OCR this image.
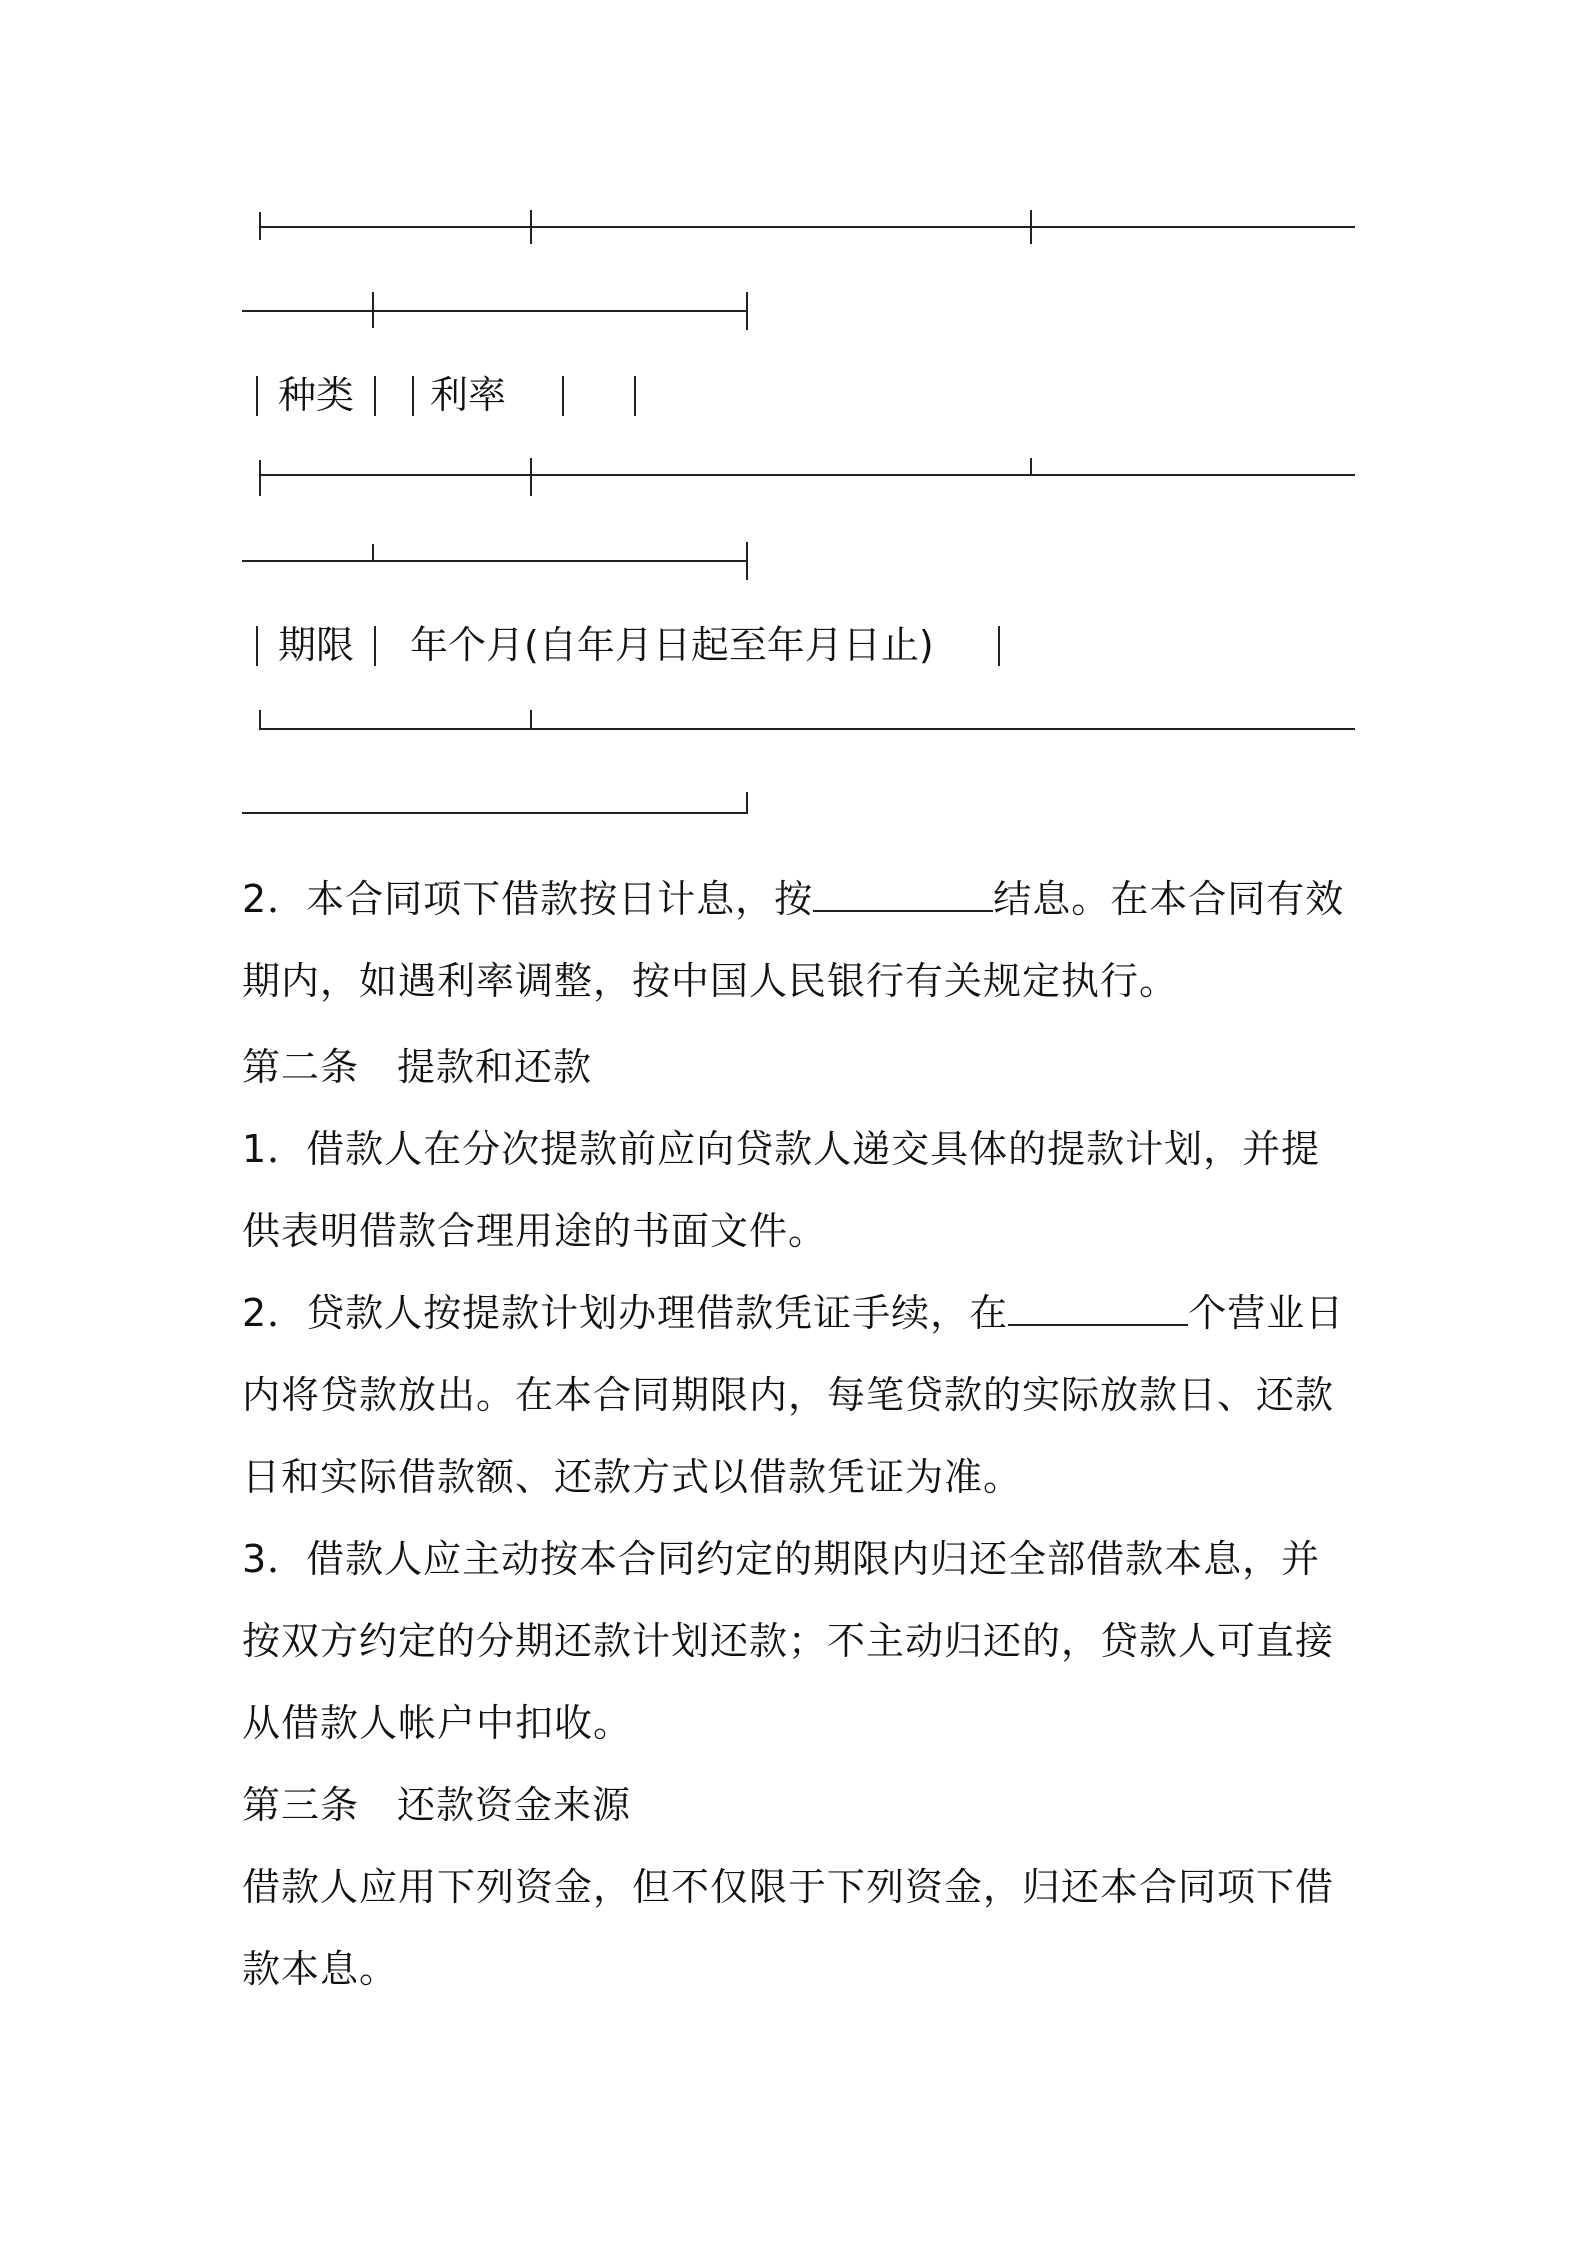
种类 利率
期限 年个月(自年月日起至年月日止)
2．本合同项下借款按日计息，按	结息。在本合同有效期内，如遇利率调整，按中国人民银行有关规定执行。
第二条 提款和还款
1．借款人在分次提款前应向贷款人递交具体的提款计划，并提供表明借款合理用途的书面文件。
2．贷款人按提款计划办理借款凭证手续，在	个营业日内将贷款放出。在本合同期限内，每笔贷款的实际放款日、还款日和实际借款额、还款方式以借款凭证为准。
3．借款人应主动按本合同约定的期限内归还全部借款本息，并按双方约定的分期还款计划还款；不主动归还的，贷款人可直接从借款人帐户中扣收。
第三条 还款资金来源
借款人应用下列资金，但不仅限于下列资金，归还本合同项下借款本息。
